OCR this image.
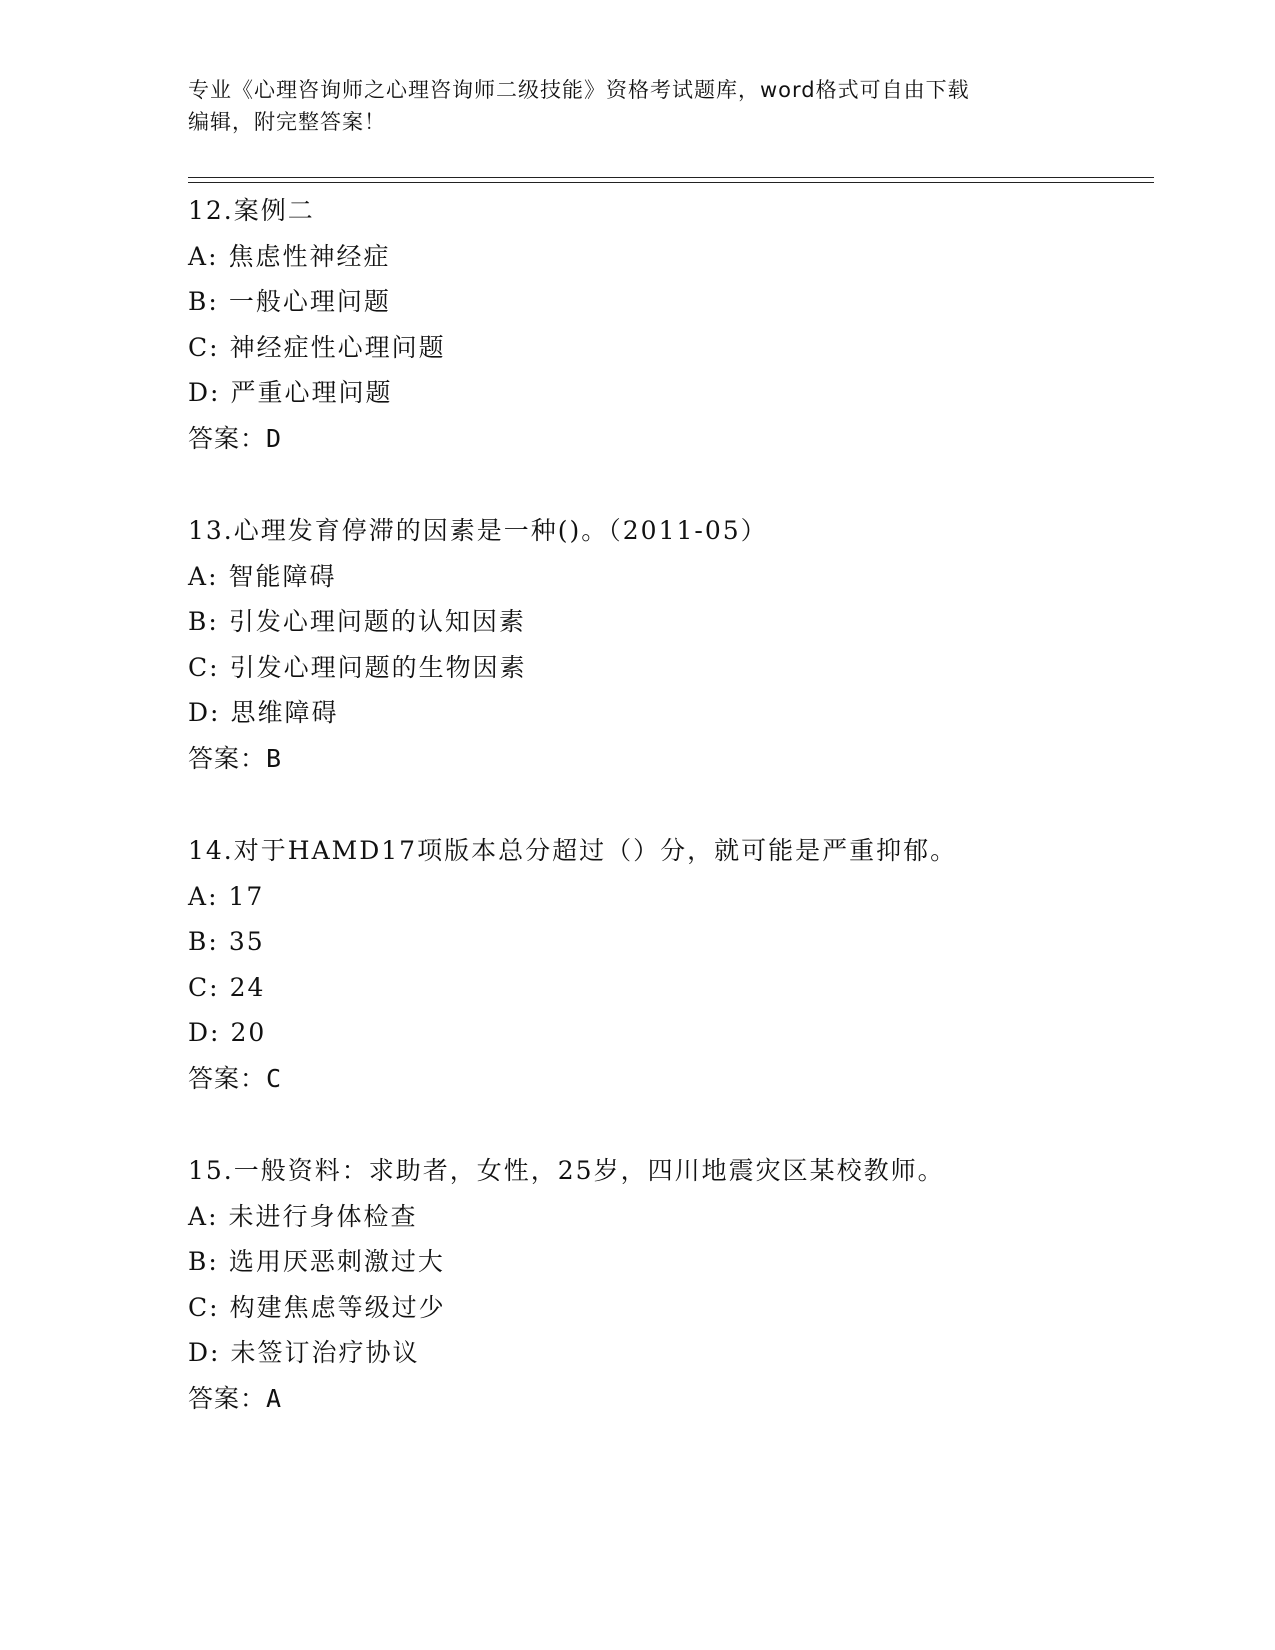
专业《心理咨询师之心理咨询师二级技能》资格考试题库，word格式可自由下载
编辑，附完整答案！
12.案例二
A: 焦虑性神经症
B: 一般心理问题
C: 神经症性心理问题
D: 严重心理问题
答案：D
13.心理发育停滞的因素是一种()。（2011-05）
A: 智能障碍
B: 引发心理问题的认知因素
C: 引发心理问题的生物因素
D: 思维障碍
答案：B
14.对于HAMD17项版本总分超过（）分，就可能是严重抑郁。
A: 17
B: 35
C: 24
D: 20
答案：C
15.一般资料：求助者，女性，25岁，四川地震灾区某校教师。
A: 未进行身体检查
B: 选用厌恶刺激过大
C: 构建焦虑等级过少
D: 未签订治疗协议
答案：A
